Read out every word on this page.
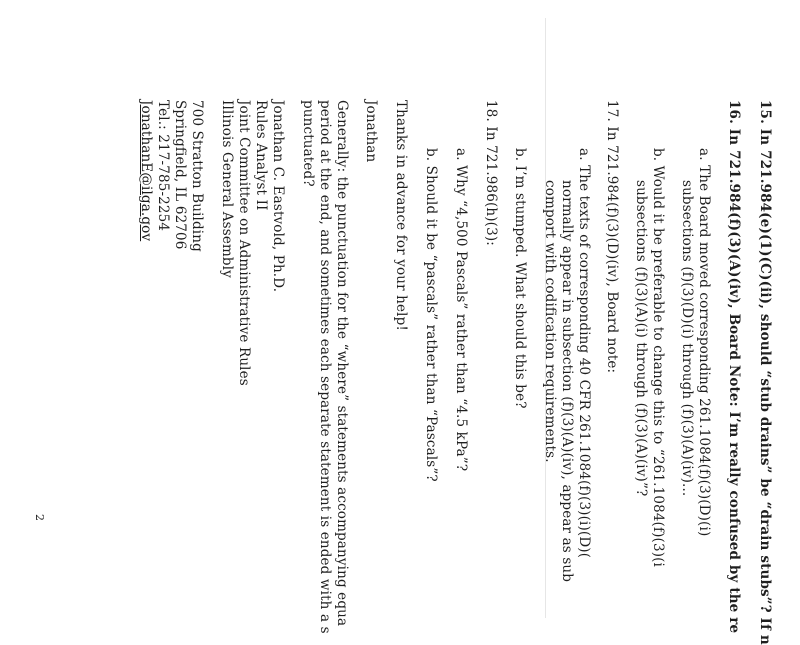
15. In 721.984(e)(1)(C)(ii), should “stub drains” be “drain stubs”? If n
16. In 721.984(f)(3)(A)(iv), Board Note: I’m really confused by the re
a. The Board moved corresponding 261.1084(f)(3)(D)(i)
subsections (f)(3)(D)(i) through (f)(3)(A)(iv)...
b. Would it be preferable to change this to “261.1084(f)(3)(i
subsections (f)(3)(A)(i) through (f)(3)(A)(iv)”?
17. In 721.984(f)(3)(D)(iv), Board note:
a. The texts of corresponding 40 CFR 261.1084(f)(3)(i)(D)(
normally appear in subsection (f)(3)(A)(iv), appear as sub
comport with codification requirements.
b. I’m stumped. What should this be?
18. In 721.986(h)(3):
a. Why “4,500 Pascals” rather than “4.5 kPa”?
b. Should it be “pascals” rather than “Pascals”?
Thanks in advance for your help!
Jonathan
Generally: the punctuation for the “where” statements accompanying equa
period at the end, and sometimes each separate statement is ended with a s
punctuated?
Jonathan C. Eastvold, Ph.D.
Rules Analyst II
Joint Committee on Administrative Rules
Illinois General Assembly
700 Stratton Building
Springfield, IL 62706
Tel.: 217-785-2254
JonathanE@ilga.gov
2
